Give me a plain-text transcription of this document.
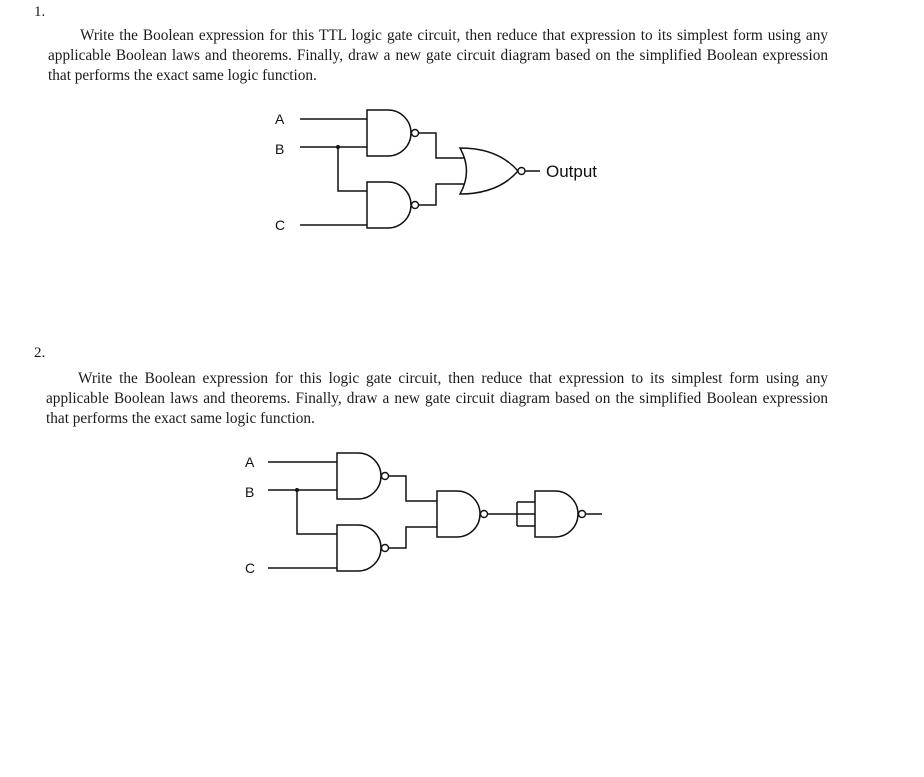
1.
Write the Boolean expression for this TTL logic gate circuit, then reduce that expression to its simplest form using any applicable Boolean laws and theorems. Finally, draw a new gate circuit diagram based on the simplified Boolean expression that performs the exact same logic function.
A
B
C
Output
2.
Write the Boolean expression for this logic gate circuit, then reduce that expression to its simplest form using any applicable Boolean laws and theorems. Finally, draw a new gate circuit diagram based on the simplified Boolean expression that performs the exact same logic function.
A
B
C
